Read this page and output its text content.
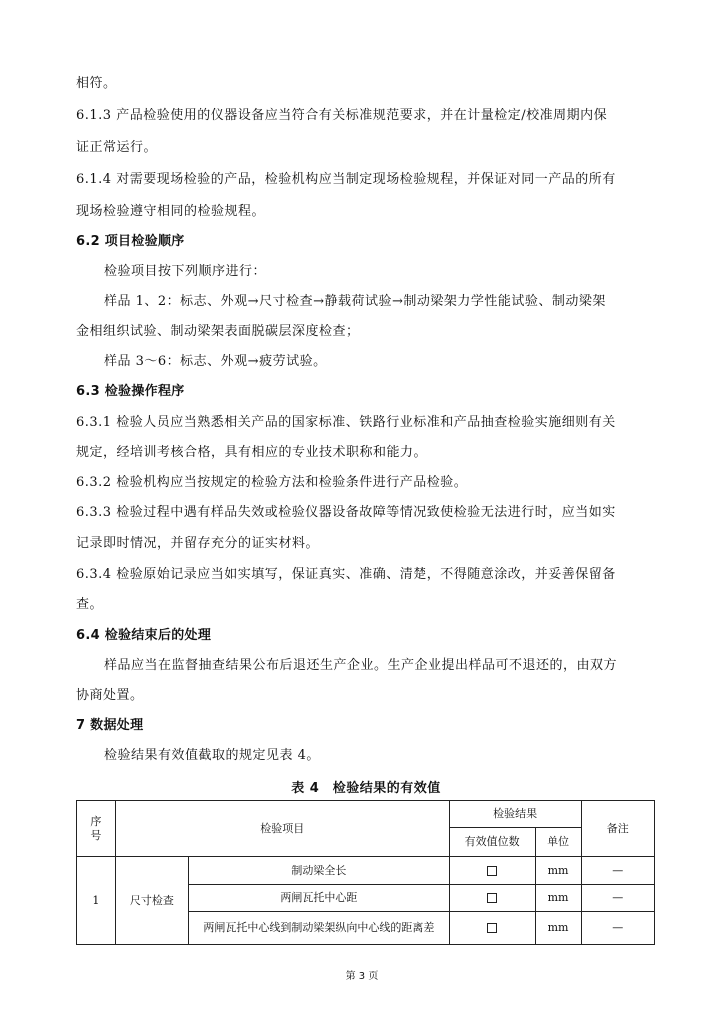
相符。
6.1.3 产品检验使用的仪器设备应当符合有关标准规范要求，并在计量检定/校准周期内保
证正常运行。
6.1.4 对需要现场检验的产品，检验机构应当制定现场检验规程，并保证对同一产品的所有
现场检验遵守相同的检验规程。
6.2 项目检验顺序
检验项目按下列顺序进行：
样品 1、2：标志、外观→尺寸检查→静载荷试验→制动梁架力学性能试验、制动梁架
金相组织试验、制动梁架表面脱碳层深度检查；
样品 3～6：标志、外观→疲劳试验。
6.3 检验操作程序
6.3.1 检验人员应当熟悉相关产品的国家标准、铁路行业标准和产品抽查检验实施细则有关
规定，经培训考核合格，具有相应的专业技术职称和能力。
6.3.2 检验机构应当按规定的检验方法和检验条件进行产品检验。
6.3.3 检验过程中遇有样品失效或检验仪器设备故障等情况致使检验无法进行时，应当如实
记录即时情况，并留存充分的证实材料。
6.3.4 检验原始记录应当如实填写，保证真实、准确、清楚，不得随意涂改，并妥善保留备
查。
6.4 检验结束后的处理
样品应当在监督抽查结果公布后退还生产企业。生产企业提出样品可不退还的，由双方
协商处置。
7 数据处理
检验结果有效值截取的规定见表 4。
表 4　检验结果的有效值
序号	检验项目		检验结果		备注
			有效值位数	单位	
1	尺寸检查	制动梁全长		mm	—
		两闸瓦托中心距		mm	—
		两闸瓦托中心线到制动梁架纵向中心线的距离差		mm	—
第 3 页
